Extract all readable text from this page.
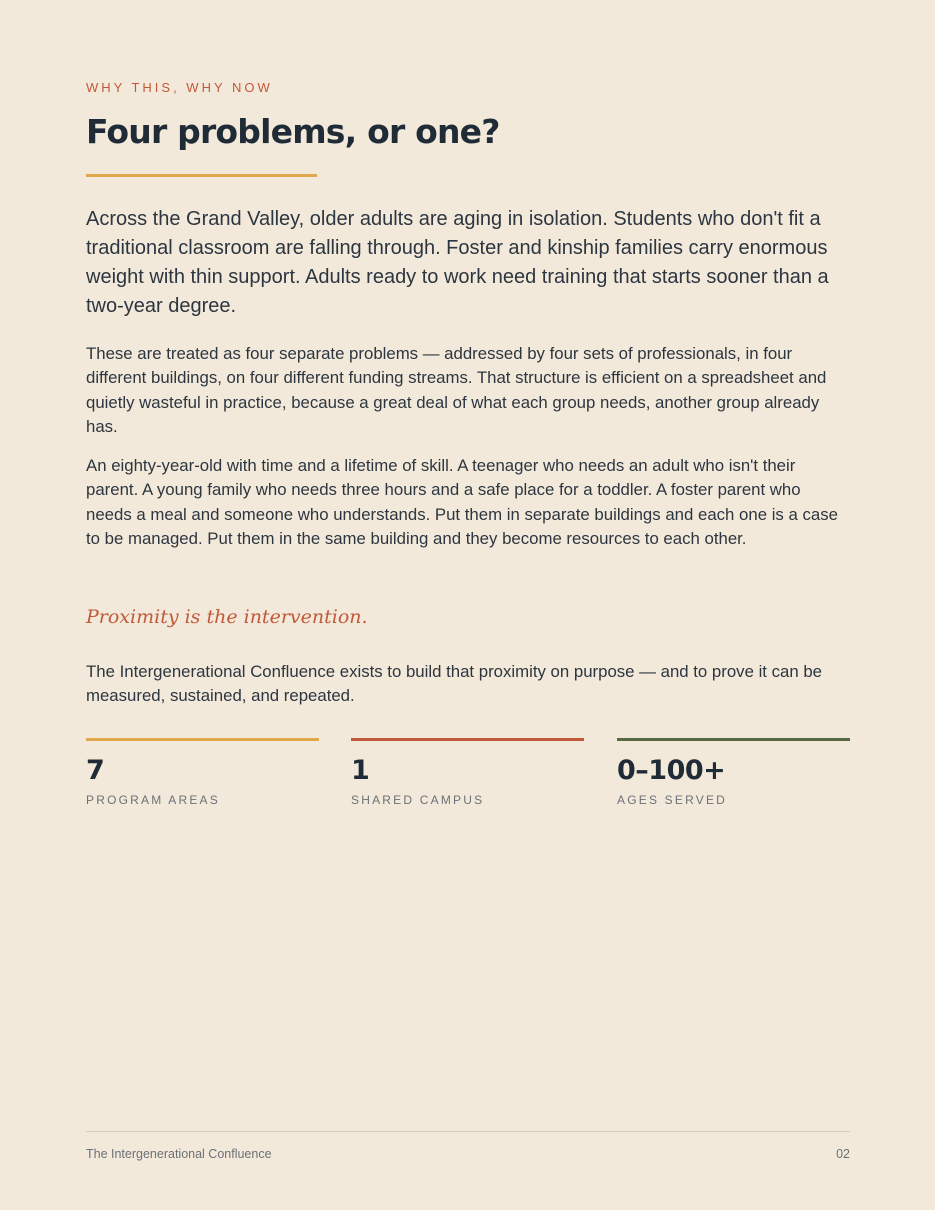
WHY THIS, WHY NOW
Four problems, or one?

Across the Grand Valley, older adults are aging in isolation. Students who don't fit a traditional classroom are falling through. Foster and kinship families carry enormous weight with thin support. Adults ready to work need training that starts sooner than a two-year degree.

These are treated as four separate problems — addressed by four sets of professionals, in four different buildings, on four different funding streams. That structure is efficient on a spreadsheet and quietly wasteful in practice, because a great deal of what each group needs, another group already has.

An eighty-year-old with time and a lifetime of skill. A teenager who needs an adult who isn't their parent. A young family who needs three hours and a safe place for a toddler. A foster parent who needs a meal and someone who understands. Put them in separate buildings and each one is a case to be managed. Put them in the same building and they become resources to each other.

Proximity is the intervention.

The Intergenerational Confluence exists to build that proximity on purpose — and to prove it can be measured, sustained, and repeated.

7
PROGRAM AREAS
1
SHARED CAMPUS
0–100+
AGES SERVED
The Intergenerational Confluence	02
